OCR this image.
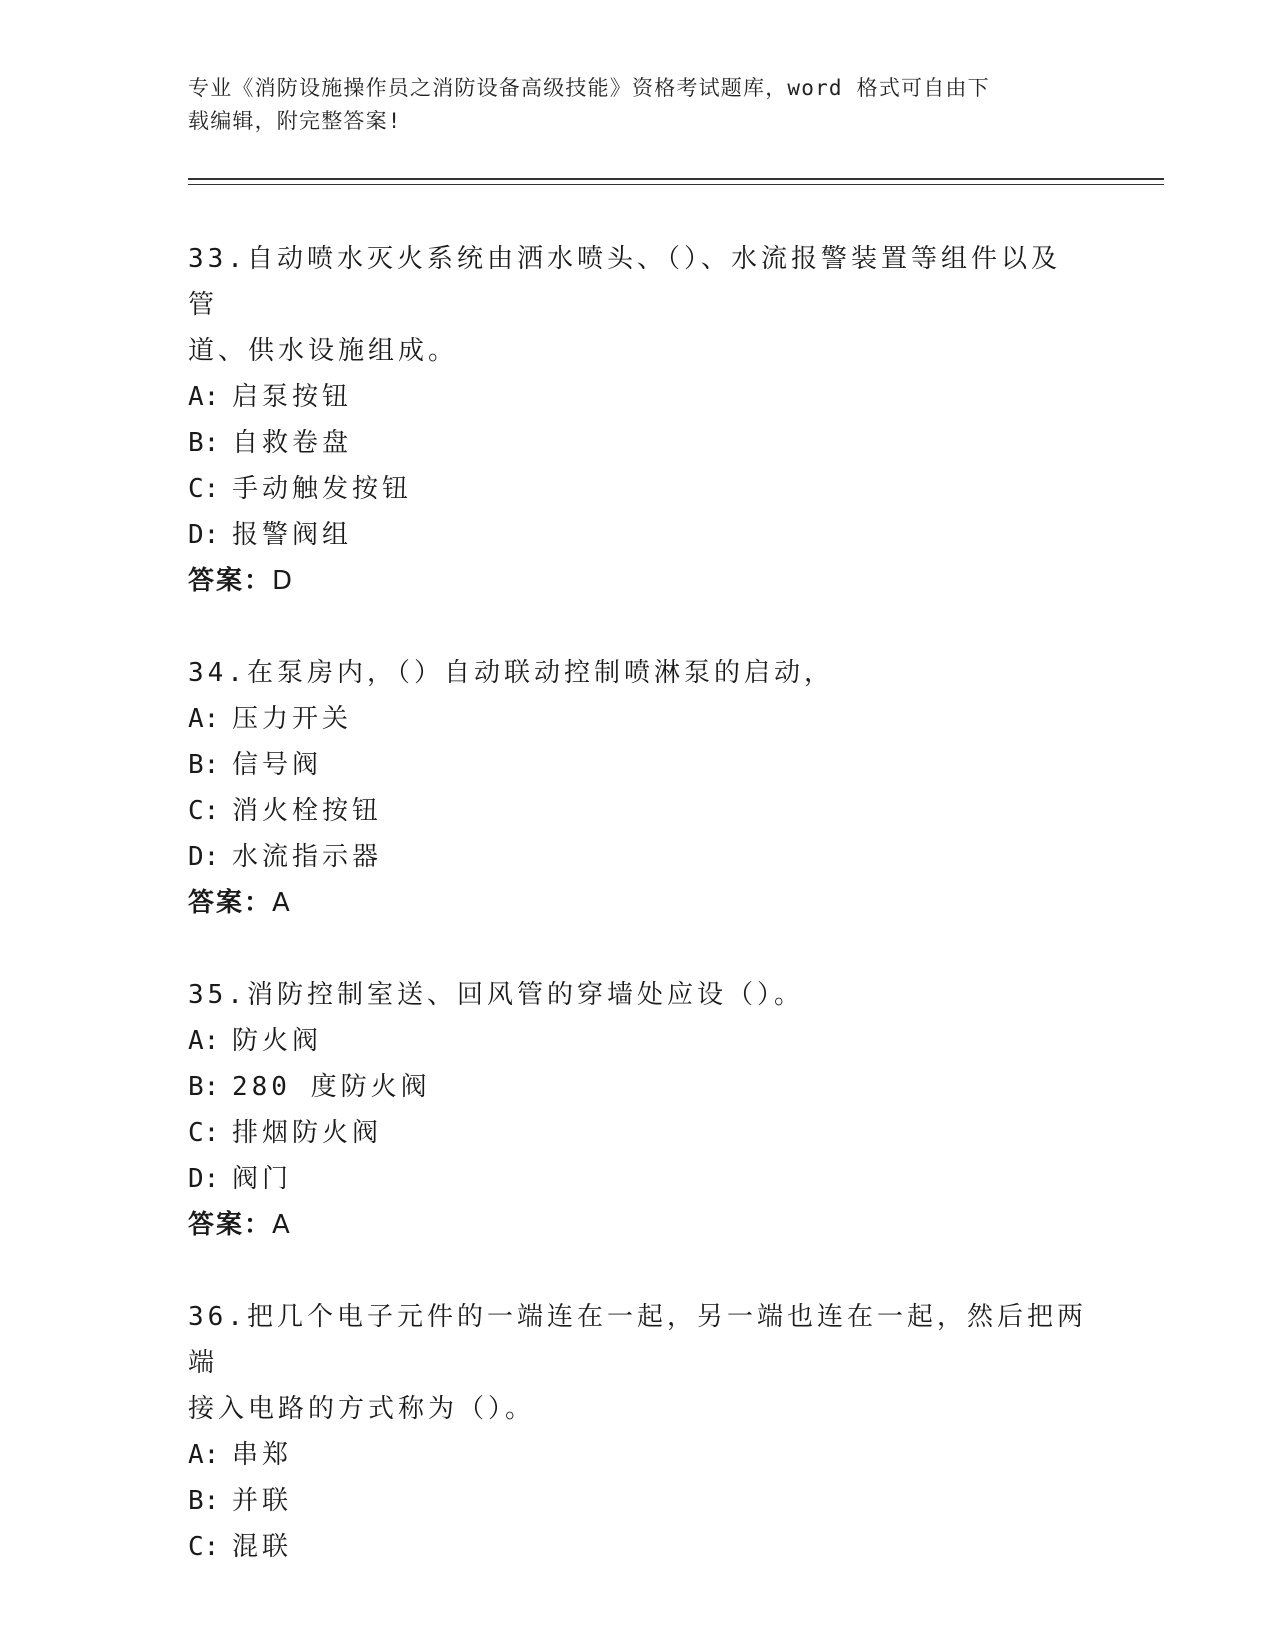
专业《消防设施操作员之消防设备高级技能》资格考试题库，word 格式可自由下
载编辑，附完整答案!

33.自动喷水灭火系统由洒水喷头、（）、水流报警装置等组件以及管

道、供水设施组成。

A: 启泵按钮

B: 自救卷盘

C: 手动触发按钮

D: 报警阀组

答案：D

34.在泵房内，（）自动联动控制喷淋泵的启动，

A: 压力开关

B: 信号阀

C: 消火栓按钮

D: 水流指示器

答案：A

35.消防控制室送、回风管的穿墙处应设（）。

A: 防火阀

B: 280 度防火阀

C: 排烟防火阀

D: 阀门

答案：A

36.把几个电子元件的一端连在一起，另一端也连在一起，然后把两端

接入电路的方式称为（）。

A: 串郑

B: 并联

C: 混联
